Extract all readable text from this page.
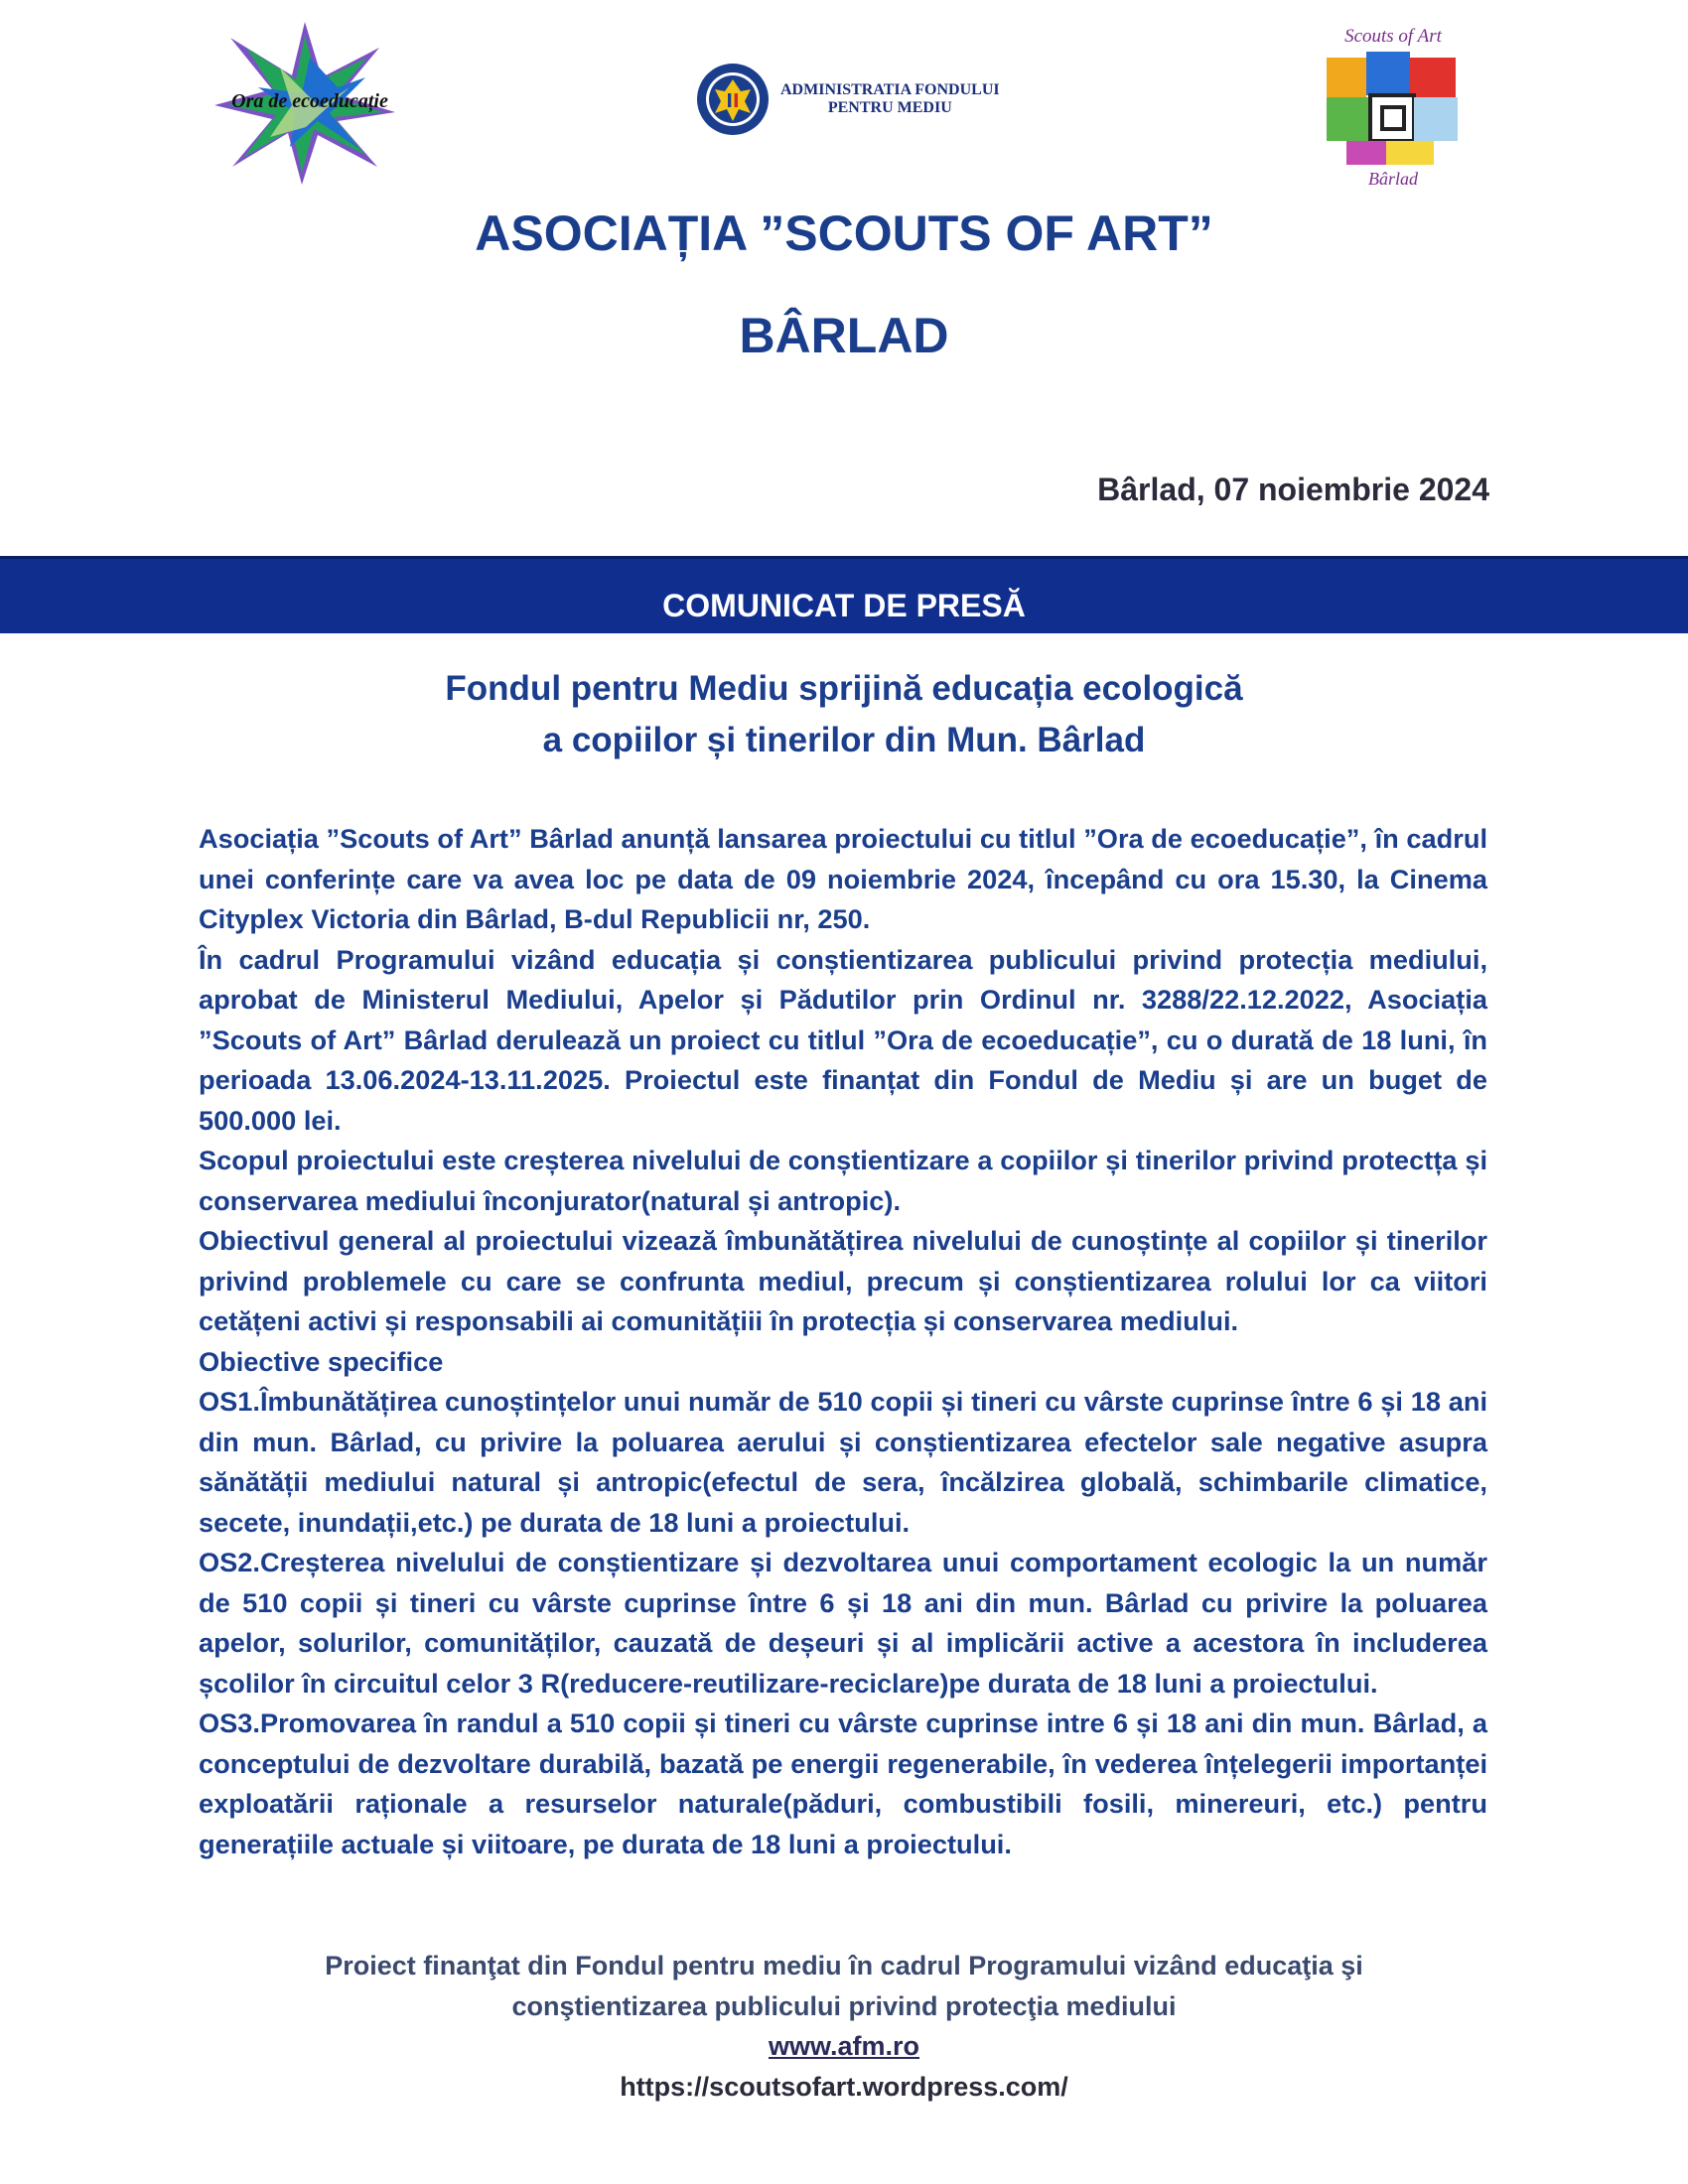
Ora de ecoeducație
ADMINISTRATIA FONDULUI
PENTRU MEDIU
Scouts of Art
Bârlad
ASOCIAȚIA ”SCOUTS OF ART”
BÂRLAD
Bârlad, 07 noiembrie 2024
COMUNICAT DE PRESĂ
Fondul pentru Mediu sprijină educația ecologică
a copiilor și tinerilor din Mun. Bârlad

Asociația ”Scouts of Art” Bârlad anunță lansarea proiectului cu titlul ”Ora de ecoeducație”, în cadrul unei conferințe care va avea loc pe data de 09 noiembrie 2024, începând cu ora 15.30, la Cinema Cityplex Victoria din Bârlad, B-dul Republicii nr, 250.

În cadrul Programului vizând educația și conștientizarea publicului privind protecția mediului, aprobat de Ministerul Mediului, Apelor și Pădutilor prin Ordinul nr. 3288/22.12.2022, Asociația ”Scouts of Art” Bârlad derulează un proiect cu titlul ”Ora de ecoeducație”, cu o durată de 18 luni, în perioada 13.06.2024-13.11.2025. Proiectul este finanțat din Fondul de Mediu și are un buget de 500.000 lei.

Scopul proiectului este creșterea nivelului de conștientizare a copiilor și tinerilor privind protectța și conservarea mediului înconjurator(natural și antropic).

Obiectivul general al proiectului vizează îmbunătățirea nivelului de cunoștințe al copiilor și tinerilor privind problemele cu care se confrunta mediul, precum și conștientizarea rolului lor ca viitori cetățeni activi și responsabili ai comunitățiii în protecția și conservarea mediului.

Obiective specifice

OS1.Îmbunătățirea cunoștințelor unui număr de 510 copii și tineri cu vârste cuprinse între 6 și 18 ani din mun. Bârlad, cu privire la poluarea aerului și conștientizarea efectelor sale negative asupra sănătății mediului natural și antropic(efectul de sera, încălzirea globală, schimbarile climatice, secete, inundații,etc.) pe durata de 18 luni a proiectului.

OS2.Creșterea nivelului de conștientizare și dezvoltarea unui comportament ecologic la un număr de 510 copii și tineri cu vârste cuprinse între 6 și 18 ani din mun. Bârlad cu privire la poluarea apelor, solurilor, comunităților, cauzată de deșeuri și al implicării active a acestora în includerea școlilor în circuitul celor 3 R(reducere-reutilizare-reciclare)pe durata de 18 luni a proiectului.

OS3.Promovarea în randul a 510 copii și tineri cu vârste cuprinse intre 6 și 18 ani din mun. Bârlad, a conceptului de dezvoltare durabilă, bazată pe energii regenerabile, în vederea înțelegerii importanței exploatării raționale a resurselor naturale(păduri, combustibili fosili, minereuri, etc.) pentru generațiile actuale și viitoare, pe durata de 18 luni a proiectului.

Proiect finanţat din Fondul pentru mediu în cadrul Programului vizând educaţia şi
conştientizarea publicului privind protecţia mediului
www.afm.ro
https://scoutsofart.wordpress.com/
